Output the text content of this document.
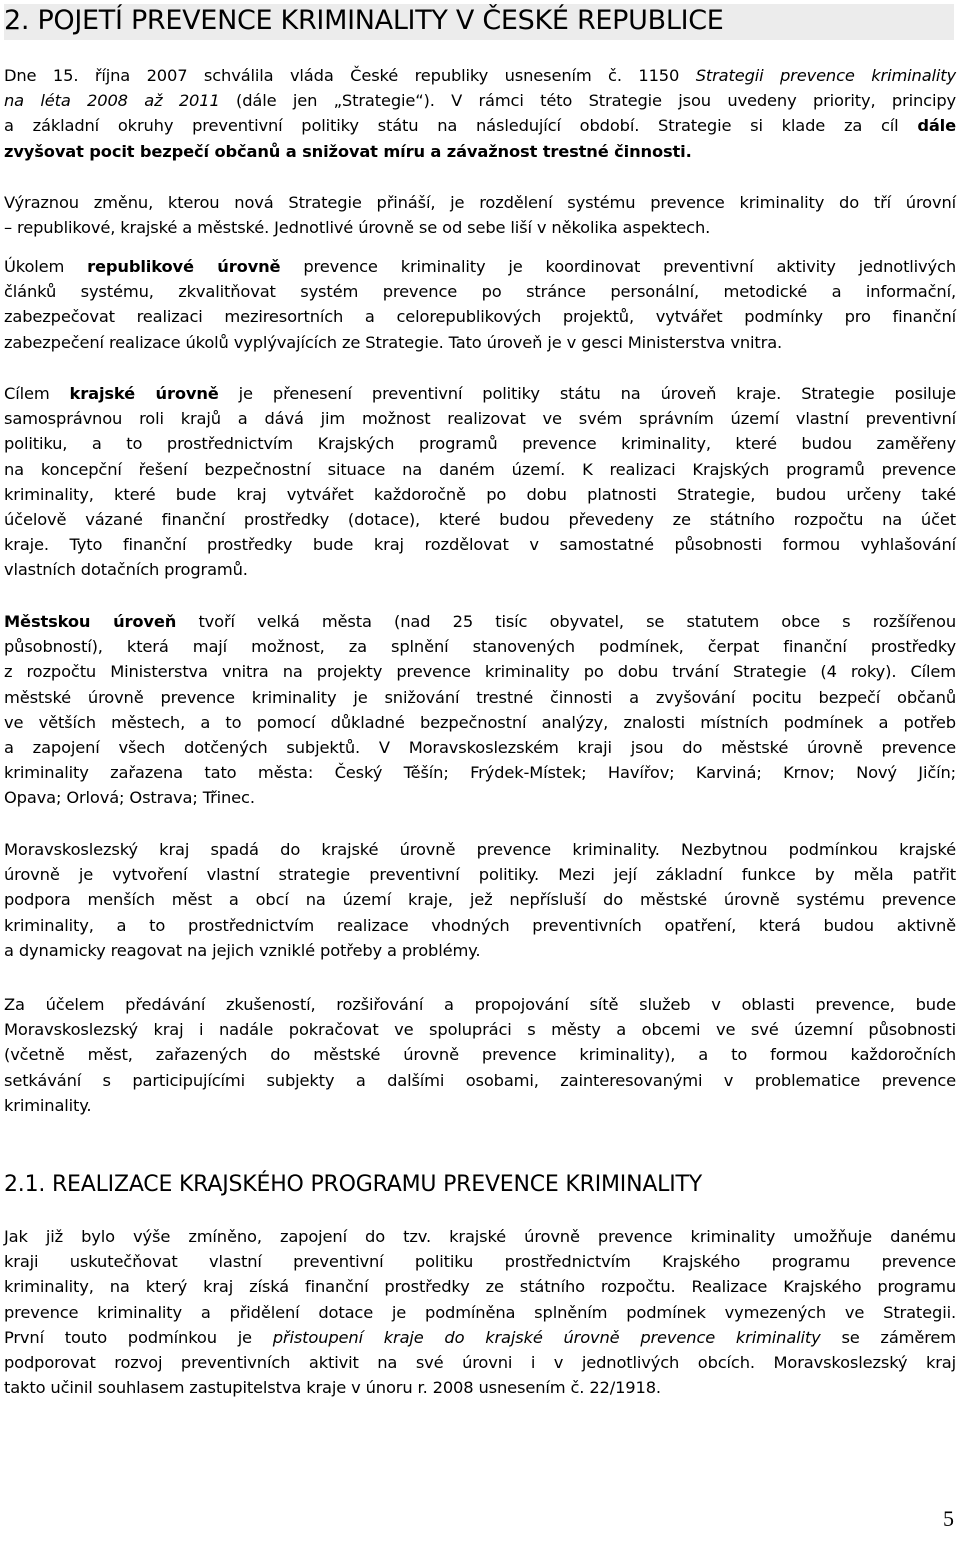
2. POJETÍ PREVENCE KRIMINALITY V ČESKÉ REPUBLICE
Dne 15. října 2007 schválila vláda České republiky usnesením č. 1150 Strategii prevence kriminality
na léta 2008 až 2011 (dále jen „Strategie“). V rámci této Strategie jsou uvedeny priority, principy
a základní okruhy preventivní politiky státu na následující období. Strategie si klade za cíl dále
zvyšovat pocit bezpečí občanů a snižovat míru a závažnost trestné činnosti.
Výraznou změnu, kterou nová Strategie přináší, je rozdělení systému prevence kriminality do tří úrovní
– republikové, krajské a městské. Jednotlivé úrovně se od sebe liší v několika aspektech.
Úkolem republikové úrovně prevence kriminality je koordinovat preventivní aktivity jednotlivých
článků systému, zkvalitňovat systém prevence po stránce personální, metodické a informační,
zabezpečovat realizaci meziresortních a celorepublikových projektů, vytvářet podmínky pro finanční
zabezpečení realizace úkolů vyplývajících ze Strategie. Tato úroveň je v gesci Ministerstva vnitra.
Cílem krajské úrovně je přenesení preventivní politiky státu na úroveň kraje. Strategie posiluje
samosprávnou roli krajů a dává jim možnost realizovat ve svém správním území vlastní preventivní
politiku, a to prostřednictvím Krajských programů prevence kriminality, které budou zaměřeny
na koncepční řešení bezpečnostní situace na daném území. K realizaci Krajských programů prevence
kriminality, které bude kraj vytvářet každoročně po dobu platnosti Strategie, budou určeny také
účelově vázané finanční prostředky (dotace), které budou převedeny ze státního rozpočtu na účet
kraje. Tyto finanční prostředky bude kraj rozdělovat v samostatné působnosti formou vyhlašování
vlastních dotačních programů.
Městskou úroveň tvoří velká města (nad 25 tisíc obyvatel, se statutem obce s rozšířenou
působností), která mají možnost, za splnění stanovených podmínek, čerpat finanční prostředky
z rozpočtu Ministerstva vnitra na projekty prevence kriminality po dobu trvání Strategie (4 roky). Cílem
městské úrovně prevence kriminality je snižování trestné činnosti a zvyšování pocitu bezpečí občanů
ve větších městech, a to pomocí důkladné bezpečnostní analýzy, znalosti místních podmínek a potřeb
a zapojení všech dotčených subjektů. V Moravskoslezském kraji jsou do městské úrovně prevence
kriminality zařazena tato města: Český Těšín; Frýdek-Místek; Havířov; Karviná; Krnov; Nový Jičín;
Opava; Orlová; Ostrava; Třinec.
Moravskoslezský kraj spadá do krajské úrovně prevence kriminality. Nezbytnou podmínkou krajské
úrovně je vytvoření vlastní strategie preventivní politiky. Mezi její základní funkce by měla patřit
podpora menších měst a obcí na území kraje, jež nepřísluší do městské úrovně systému prevence
kriminality, a to prostřednictvím realizace vhodných preventivních opatření, která budou aktivně
a dynamicky reagovat na jejich vzniklé potřeby a problémy.
Za účelem předávání zkušeností, rozšiřování a propojování sítě služeb v oblasti prevence, bude
Moravskoslezský kraj i nadále pokračovat ve spolupráci s městy a obcemi ve své územní působnosti
(včetně měst, zařazených do městské úrovně prevence kriminality), a to formou každoročních
setkávání s participujícími subjekty a dalšími osobami, zainteresovanými v problematice prevence
kriminality.
2.1. REALIZACE KRAJSKÉHO PROGRAMU PREVENCE KRIMINALITY
Jak již bylo výše zmíněno, zapojení do tzv. krajské úrovně prevence kriminality umožňuje danému
kraji uskutečňovat vlastní preventivní politiku prostřednictvím Krajského programu prevence
kriminality, na který kraj získá finanční prostředky ze státního rozpočtu. Realizace Krajského programu
prevence kriminality a přidělení dotace je podmíněna splněním podmínek vymezených ve Strategii.
První touto podmínkou je přistoupení kraje do krajské úrovně prevence kriminality se záměrem
podporovat rozvoj preventivních aktivit na své úrovni i v jednotlivých obcích. Moravskoslezský kraj
takto učinil souhlasem zastupitelstva kraje v únoru r. 2008 usnesením č. 22/1918.
5
